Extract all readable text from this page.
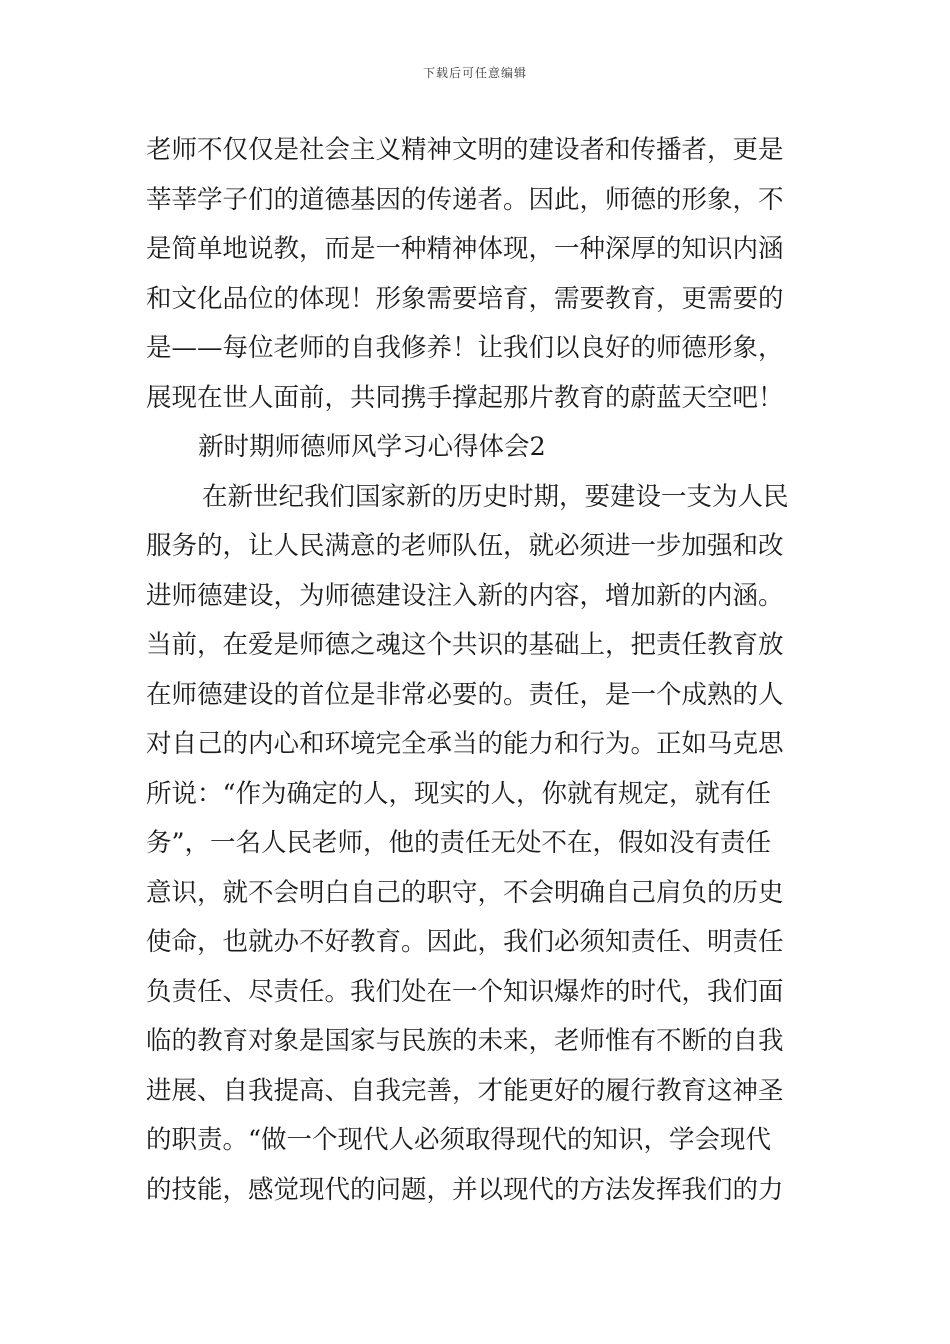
下载后可任意编辑
老师不仅仅是社会主义精神文明的建设者和传播者，更是
莘莘学子们的道德基因的传递者。因此，师德的形象，不
是简单地说教，而是一种精神体现，一种深厚的知识内涵
和文化品位的体现！形象需要培育，需要教育，更需要的
是——每位老师的自我修养！让我们以良好的师德形象，
展现在世人面前，共同携手撑起那片教育的蔚蓝天空吧！
新时期师德师风学习心得体会2
在新世纪我们国家新的历史时期，要建设一支为人民
服务的，让人民满意的老师队伍，就必须进一步加强和改
进师德建设，为师德建设注入新的内容，增加新的内涵。
当前，在爱是师德之魂这个共识的基础上，把责任教育放
在师德建设的首位是非常必要的。责任，是一个成熟的人
对自己的内心和环境完全承当的能力和行为。正如马克思
所说：“作为确定的人，现实的人，你就有规定，就有任
务”，一名人民老师，他的责任无处不在，假如没有责任
意识，就不会明白自己的职守，不会明确自己肩负的历史
使命，也就办不好教育。因此，我们必须知责任、明责任
负责任、尽责任。我们处在一个知识爆炸的时代，我们面
临的教育对象是国家与民族的未来，老师惟有不断的自我
进展、自我提高、自我完善，才能更好的履行教育这神圣
的职责。“做一个现代人必须取得现代的知识，学会现代
的技能，感觉现代的问题，并以现代的方法发挥我们的力
